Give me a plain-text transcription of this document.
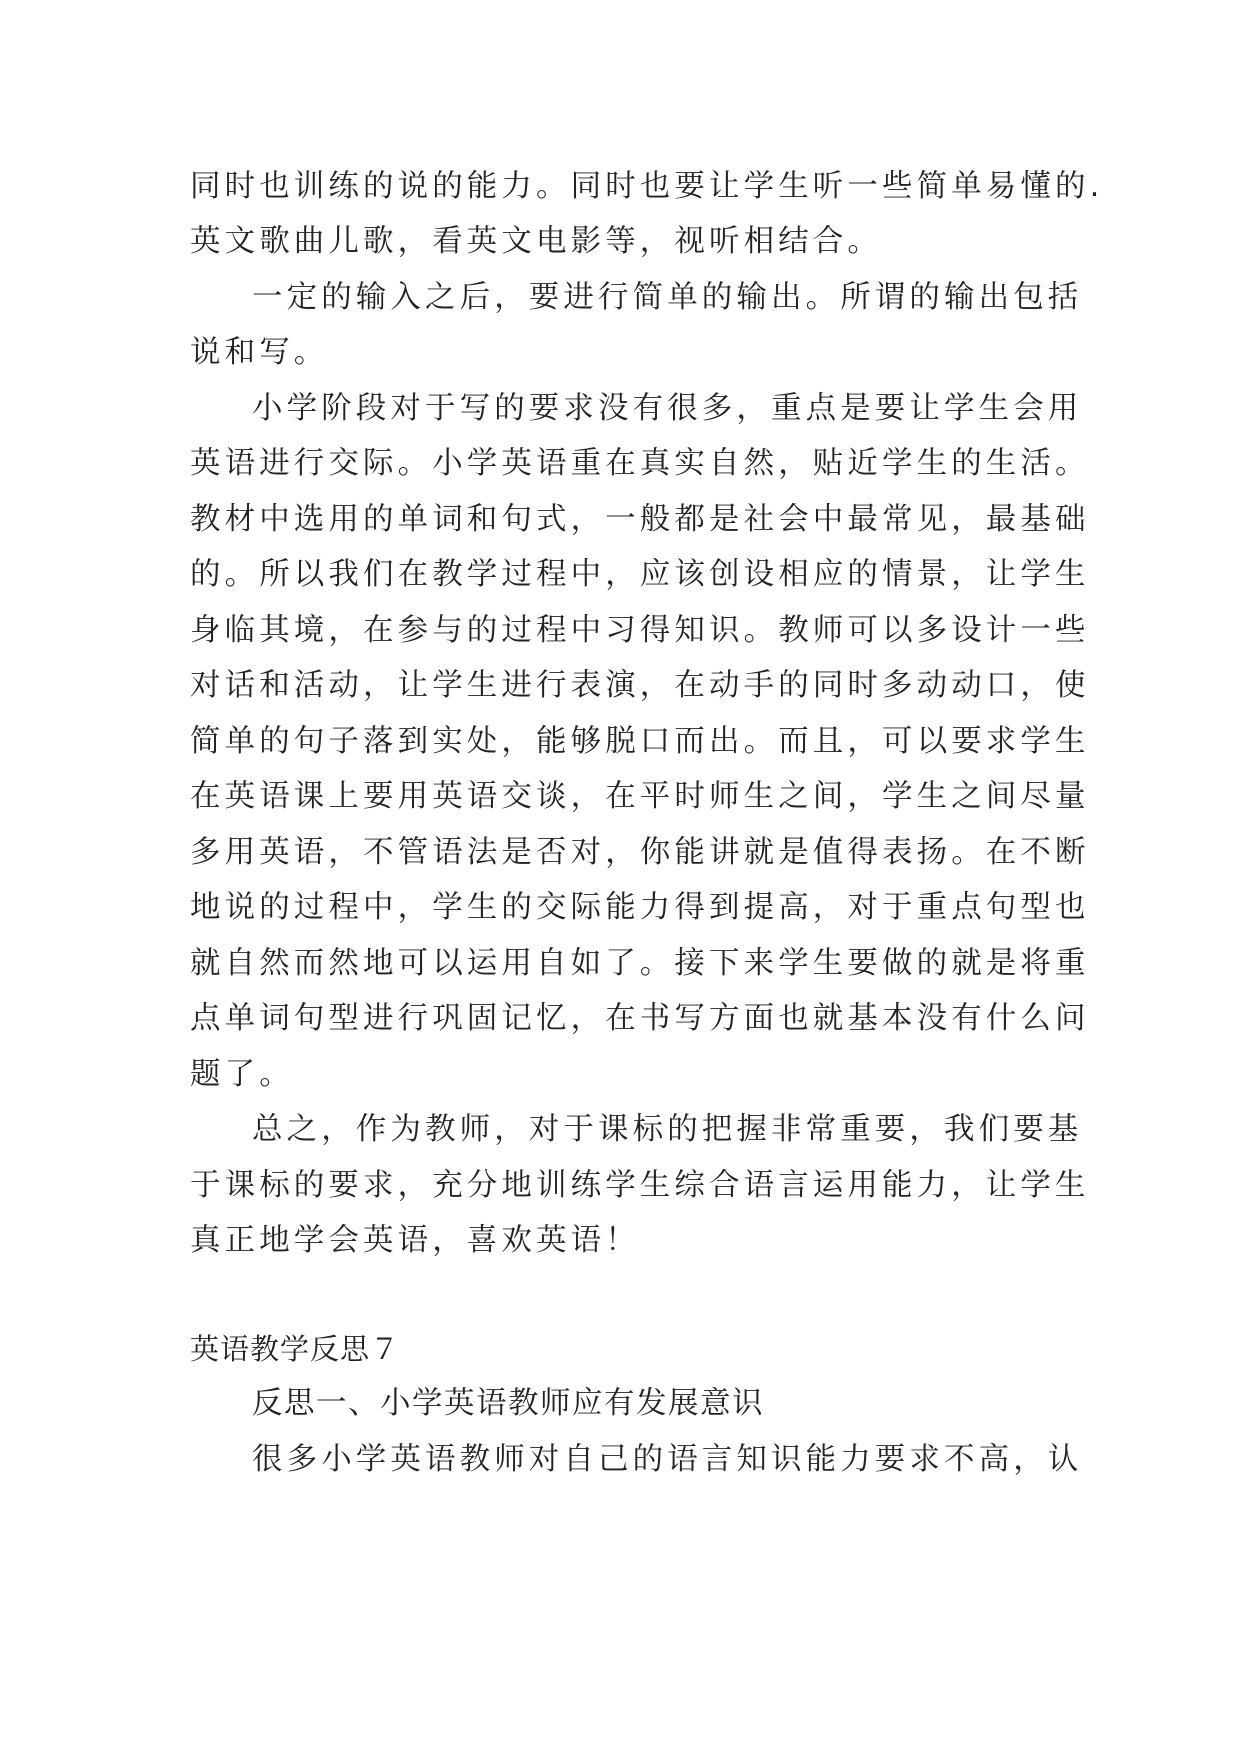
同时也训练的说的能力。同时也要让学生听一些简单易懂的.
英文歌曲儿歌，看英文电影等，视听相结合。
一定的输入之后，要进行简单的输出。所谓的输出包括
说和写。
小学阶段对于写的要求没有很多，重点是要让学生会用
英语进行交际。小学英语重在真实自然，贴近学生的生活。
教材中选用的单词和句式，一般都是社会中最常见，最基础
的。所以我们在教学过程中，应该创设相应的情景，让学生
身临其境，在参与的过程中习得知识。教师可以多设计一些
对话和活动，让学生进行表演，在动手的同时多动动口，使
简单的句子落到实处，能够脱口而出。而且，可以要求学生
在英语课上要用英语交谈，在平时师生之间，学生之间尽量
多用英语，不管语法是否对，你能讲就是值得表扬。在不断
地说的过程中，学生的交际能力得到提高，对于重点句型也
就自然而然地可以运用自如了。接下来学生要做的就是将重
点单词句型进行巩固记忆，在书写方面也就基本没有什么问
题了。
总之，作为教师，对于课标的把握非常重要，我们要基
于课标的要求，充分地训练学生综合语言运用能力，让学生
真正地学会英语，喜欢英语！
英语教学反思７
反思一、小学英语教师应有发展意识
很多小学英语教师对自己的语言知识能力要求不高，认
